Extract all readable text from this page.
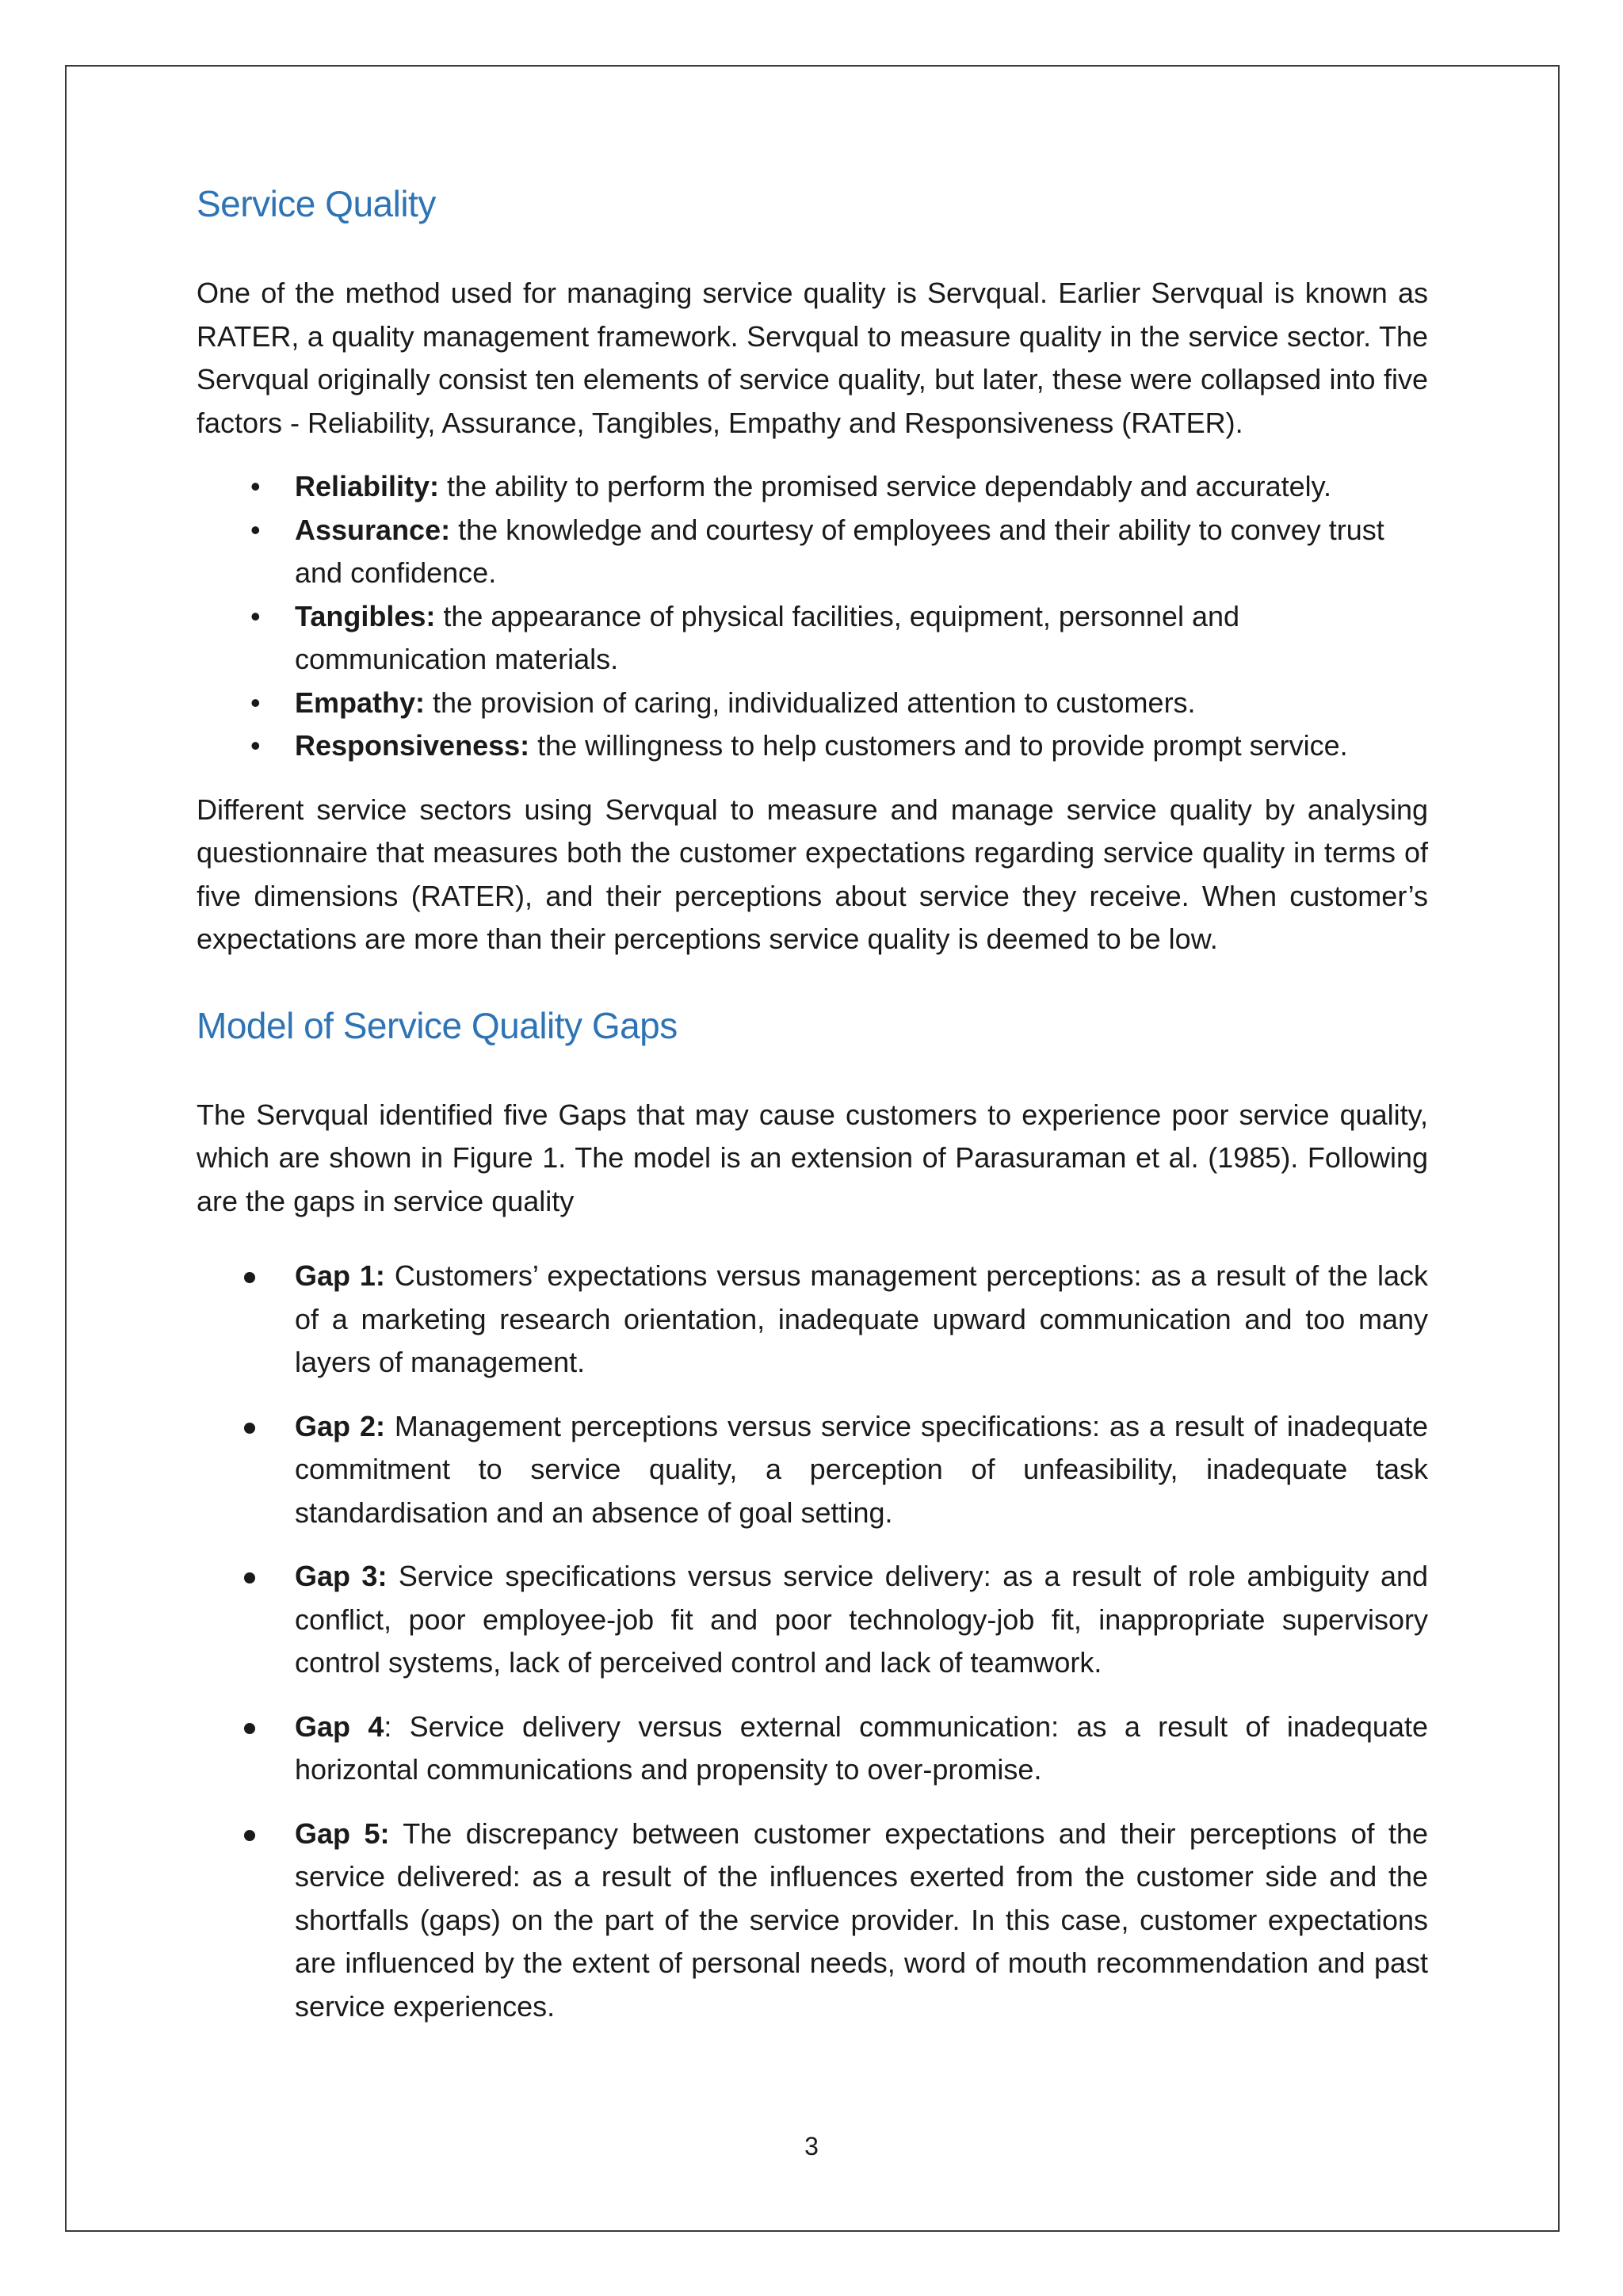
Service Quality

One of the method used for managing service quality is Servqual. Earlier Servqual is known as RATER, a quality management framework. Servqual to measure quality in the service sector. The Servqual originally consist ten elements of service quality, but later, these were collapsed into five factors - Reliability, Assurance, Tangibles, Empathy and Responsiveness (RATER).

• Reliability: the ability to perform the promised service dependably and accurately.
• Assurance: the knowledge and courtesy of employees and their ability to convey trust and confidence.
• Tangibles: the appearance of physical facilities, equipment, personnel and communication materials.
• Empathy: the provision of caring, individualized attention to customers.
• Responsiveness: the willingness to help customers and to provide prompt service.

Different service sectors using Servqual to measure and manage service quality by analysing questionnaire that measures both the customer expectations regarding service quality in terms of five dimensions (RATER), and their perceptions about service they receive. When customer’s expectations are more than their perceptions service quality is deemed to be low.

Model of Service Quality Gaps

The Servqual identified five Gaps that may cause customers to experience poor service quality, which are shown in Figure 1. The model is an extension of Parasuraman et al. (1985). Following are the gaps in service quality

Gap 1: Customers’ expectations versus management perceptions: as a result of the lack of a marketing research orientation, inadequate upward communication and too many layers of management.
Gap 2: Management perceptions versus service specifications: as a result of inadequate commitment to service quality, a perception of unfeasibility, inadequate task standardisation and an absence of goal setting.
Gap 3: Service specifications versus service delivery: as a result of role ambiguity and conflict, poor employee-job fit and poor technology-job fit, inappropriate supervisory control systems, lack of perceived control and lack of teamwork.
Gap 4: Service delivery versus external communication: as a result of inadequate horizontal communications and propensity to over-promise.
Gap 5: The discrepancy between customer expectations and their perceptions of the service delivered: as a result of the influences exerted from the customer side and the shortfalls (gaps) on the part of the service provider. In this case, customer expectations are influenced by the extent of personal needs, word of mouth recommendation and past service experiences.
3
